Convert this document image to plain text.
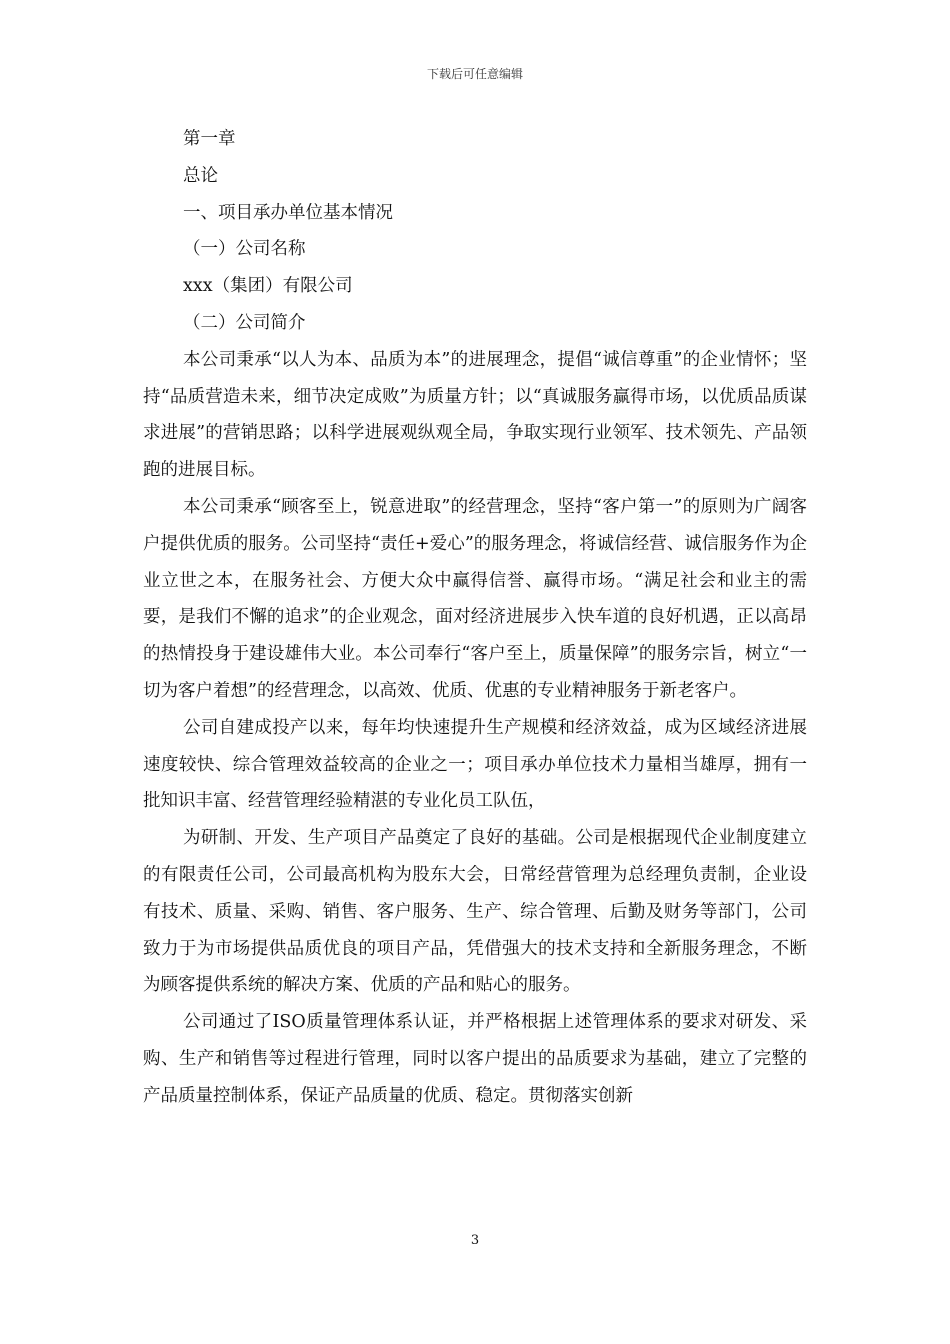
下载后可任意编辑

第一章

总论

一、项目承办单位基本情况

（一）公司名称

xxx（集团）有限公司

（二）公司简介

本公司秉承“以人为本、品质为本”的进展理念，提倡“诚信尊重”的企业情怀；坚持“品质营造未来，细节决定成败”为质量方针；以“真诚服务赢得市场，以优质品质谋求进展”的营销思路；以科学进展观纵观全局，争取实现行业领军、技术领先、产品领跑的进展目标。

本公司秉承“顾客至上，锐意进取”的经营理念，坚持“客户第一”的原则为广阔客户提供优质的服务。公司坚持“责任+爱心”的服务理念，将诚信经营、诚信服务作为企业立世之本，在服务社会、方便大众中赢得信誉、赢得市场。“满足社会和业主的需要，是我们不懈的追求”的企业观念，面对经济进展步入快车道的良好机遇，正以高昂的热情投身于建设雄伟大业。本公司奉行“客户至上，质量保障”的服务宗旨，树立“一切为客户着想”的经营理念，以高效、优质、优惠的专业精神服务于新老客户。

公司自建成投产以来，每年均快速提升生产规模和经济效益，成为区域经济进展速度较快、综合管理效益较高的企业之一；项目承办单位技术力量相当雄厚，拥有一批知识丰富、经营管理经验精湛的专业化员工队伍，

为研制、开发、生产项目产品奠定了良好的基础。公司是根据现代企业制度建立的有限责任公司，公司最高机构为股东大会，日常经营管理为总经理负责制，企业设有技术、质量、采购、销售、客户服务、生产、综合管理、后勤及财务等部门，公司致力于为市场提供品质优良的项目产品，凭借强大的技术支持和全新服务理念，不断为顾客提供系统的解决方案、优质的产品和贴心的服务。

公司通过了ISO质量管理体系认证，并严格根据上述管理体系的要求对研发、采购、生产和销售等过程进行管理，同时以客户提出的品质要求为基础，建立了完整的产品质量控制体系，保证产品质量的优质、稳定。贯彻落实创新

3
